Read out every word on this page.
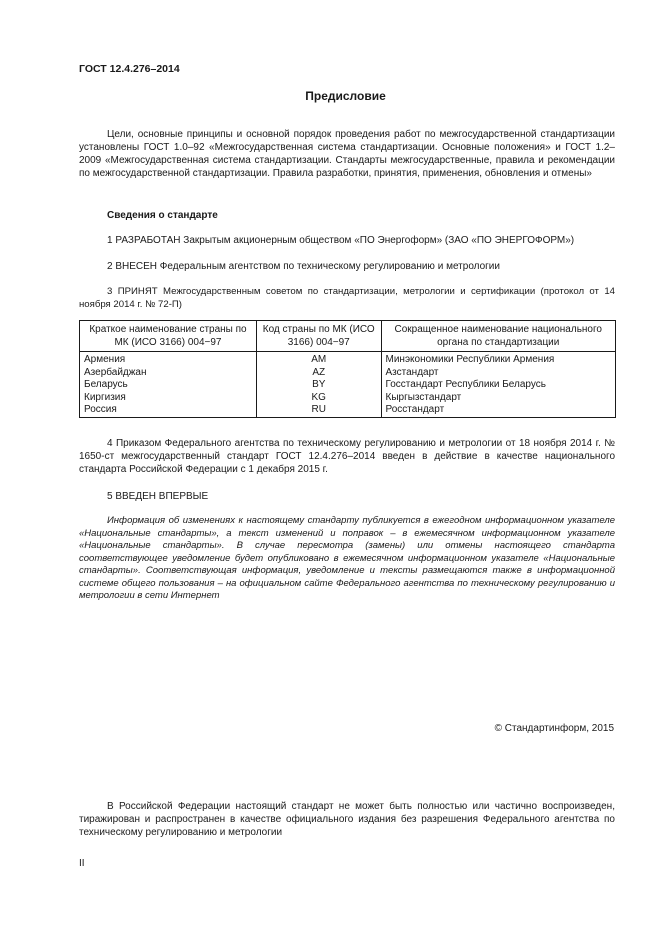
ГОСТ 12.4.276–2014
Предисловие
Цели, основные принципы и основной порядок проведения работ по межгосударственной стандартизации установлены ГОСТ 1.0–92 «Межгосударственная система стандартизации. Основные положения» и ГОСТ 1.2–2009 «Межгосударственная система стандартизации. Стандарты межгосударственные, правила и рекомендации по межгосударственной стандартизации. Правила разработки, принятия, применения, обновления и отмены»
Сведения о стандарте
1 РАЗРАБОТАН Закрытым акционерным обществом «ПО Энергоформ» (ЗАО «ПО ЭНЕРГОФОРМ»)
2 ВНЕСЕН Федеральным агентством по техническому регулированию и метрологии
3 ПРИНЯТ Межгосударственным советом по стандартизации, метрологии и сертификации (протокол от 14 ноября 2014 г. № 72-П)
Краткое наименование страны по МК (ИСО 3166) 004−97	Код страны по МК (ИСО 3166) 004−97	Сокращенное наименование национального органа по стандартизации
Армения	AM	Минэкономики Республики Армения
Азербайджан	AZ	Азстандарт
Беларусь	BY	Госстандарт Республики Беларусь
Киргизия	KG	Кыргызстандарт
Россия	RU	Росстандарт
4 Приказом Федерального агентства по техническому регулированию и метрологии от 18 ноября 2014 г. № 1650-ст межгосударственный стандарт ГОСТ 12.4.276–2014 введен в действие в качестве национального стандарта Российской Федерации с 1 декабря 2015 г.
5 ВВЕДЕН ВПЕРВЫЕ
Информация об изменениях к настоящему стандарту публикуется в ежегодном информационном указателе «Национальные стандарты», а текст изменений и поправок – в ежемесячном информационном указателе «Национальные стандарты». В случае пересмотра (замены) или отмены настоящего стандарта соответствующее уведомление будет опубликовано в ежемесячном информационном указателе «Национальные стандарты». Соответствующая информация, уведомление и тексты размещаются также в информационной системе общего пользования – на официальном сайте Федерального агентства по техническому регулированию и метрологии в сети Интернет
© Стандартинформ, 2015
В Российской Федерации настоящий стандарт не может быть полностью или частично воспроизведен, тиражирован и распространен в качестве официального издания без разрешения Федерального агентства по техническому регулированию и метрологии
II
